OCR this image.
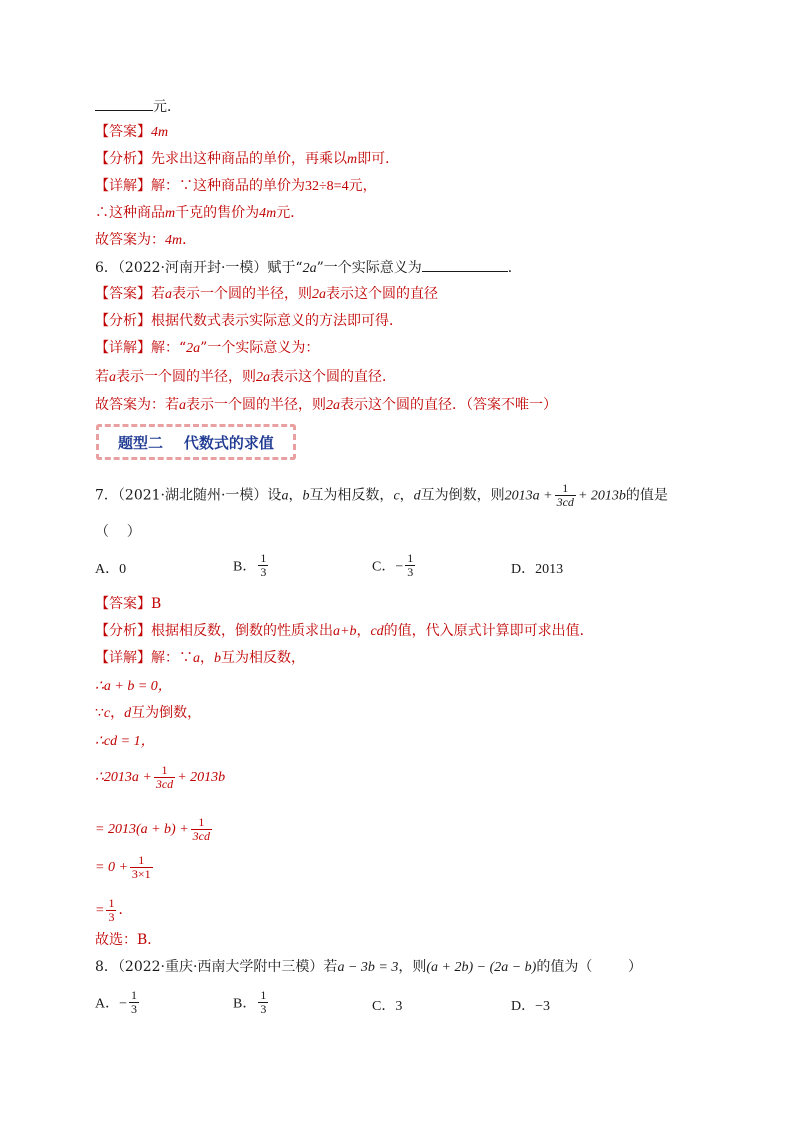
元．
【答案】4m
【分析】先求出这种商品的单价，再乘以m即可．
【详解】解：∵这种商品的单价为32÷8=4元，
∴这种商品m千克的售价为4m元．
故答案为：4m．
6．（2022·河南开封·一模）赋于“2a”一个实际意义为	．
【答案】若a表示一个圆的半径，则2a表示这个圆的直径
【分析】根据代数式表示实际意义的方法即可得．
【详解】解：“2a”一个实际意义为：
若a表示一个圆的半径，则2a表示这个圆的直径．
故答案为：若a表示一个圆的半径，则2a表示这个圆的直径．（答案不唯一）
题型二    代数式的求值
7．（2021·湖北随州·一模）设a，b互为相反数，c，d互为倒数，则$2013a + \frac{1}{3cd} + 2013b$的值是
（    ）
A．0	B． $\frac{1}{3}$	C．− $\frac{1}{3}$	D．2013
【答案】B
【分析】根据相反数，倒数的性质求出a+b，cd的值，代入原式计算即可求出值．
【详解】解：∵a，b互为相反数，
∴a + b = 0，
∵c，d互为倒数，
∴cd = 1，
∴2013a + $\frac{1}{3cd} + 2013b$
= $2013(a + b) + \frac{1}{3cd}$
= $0 + \frac{1}{3\times 1}$
= $\frac{1}{3}$ ．
故选：B．
8．（2022·重庆·西南大学附中三模）若a − 3b = 3，则(a + 2b) − (2a − b)的值为（        ）
A．− $\frac{1}{3}$	B． $\frac{1}{3}$	C．3	D．−3
